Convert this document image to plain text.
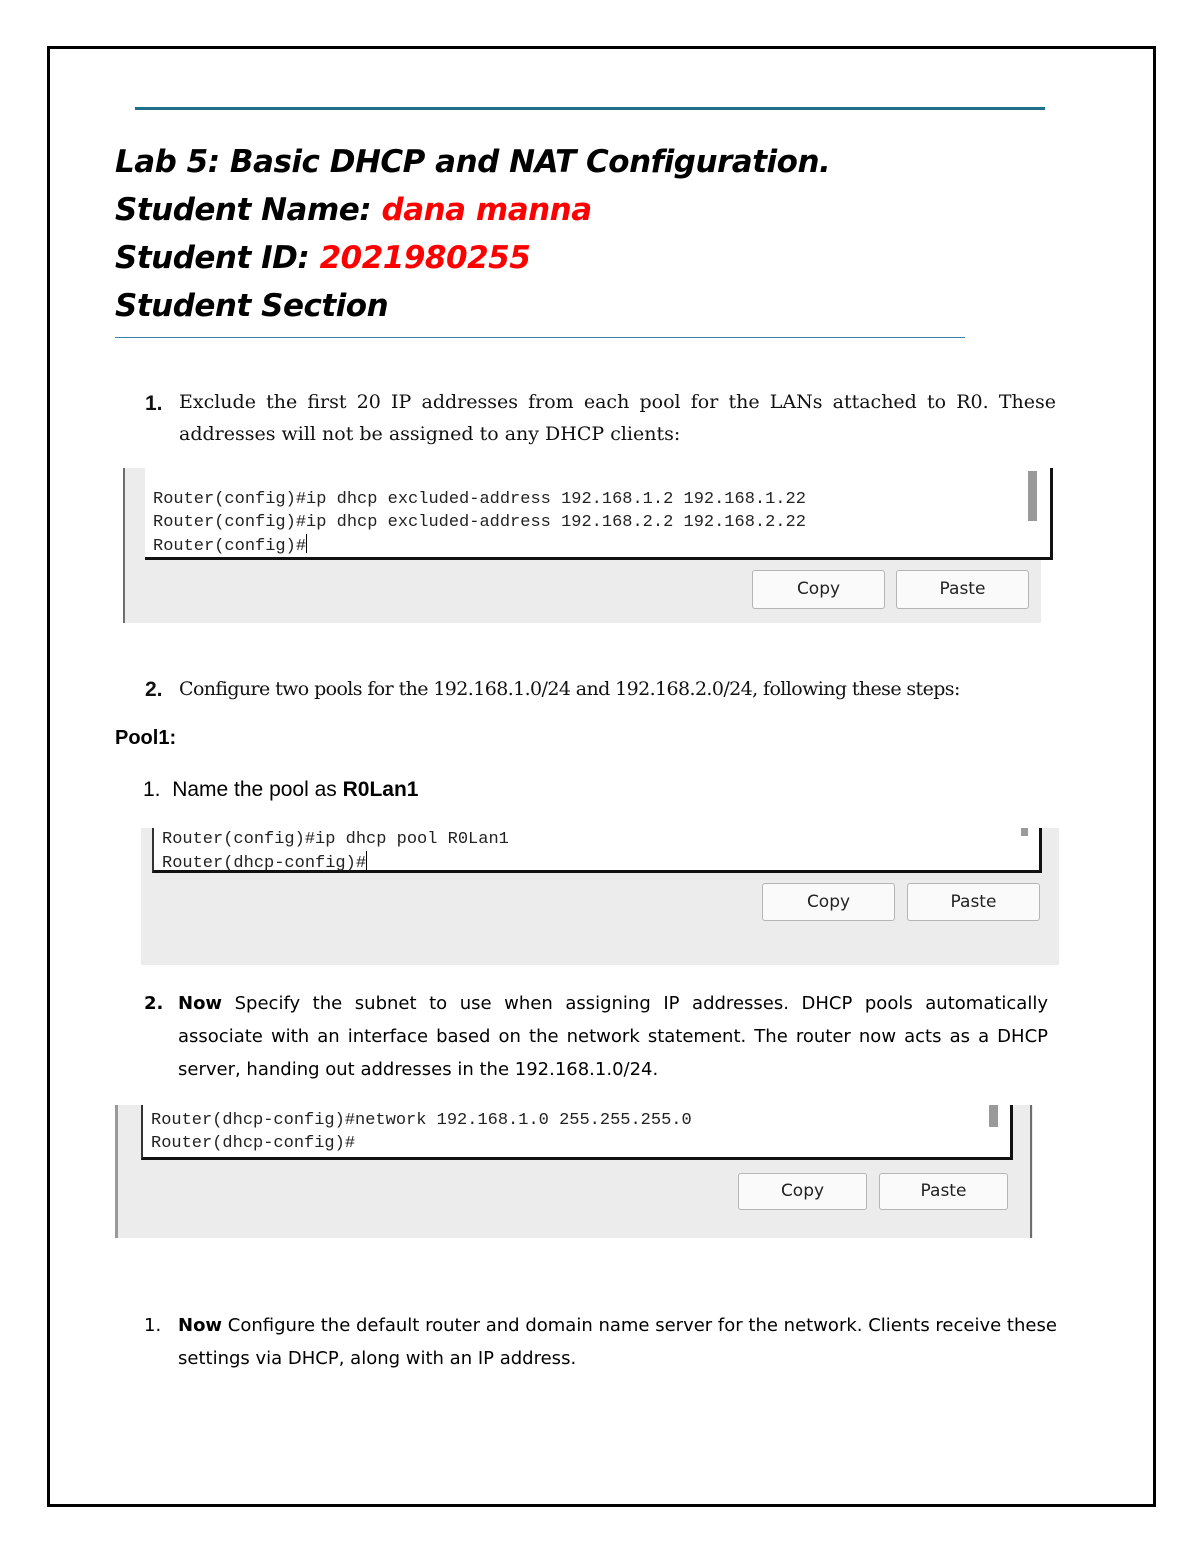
Lab 5: Basic DHCP and NAT Configuration.
Student Name: dana manna
Student ID: 2021980255
Student Section
1. Exclude the first 20 IP addresses from each pool for the LANs attached to R0. These addresses will not be assigned to any DHCP clients:
Router(config)#ip dhcp excluded-address 192.168.1.2 192.168.1.22
Router(config)#ip dhcp excluded-address 192.168.2.2 192.168.2.22
Router(config)#
Copy	Paste
2. Configure two pools for the 192.168.1.0/24 and 192.168.2.0/24, following these steps:
Pool1:
1. Name the pool as R0Lan1
Router(config)#ip dhcp pool R0Lan1
Router(dhcp-config)#
Copy	Paste
2. Now Specify the subnet to use when assigning IP addresses. DHCP pools automatically associate with an interface based on the network statement. The router now acts as a DHCP server, handing out addresses in the 192.168.1.0/24.
Router(dhcp-config)#network 192.168.1.0 255.255.255.0
Router(dhcp-config)#
Copy	Paste
1. Now Configure the default router and domain name server for the network. Clients receive these settings via DHCP, along with an IP address.
